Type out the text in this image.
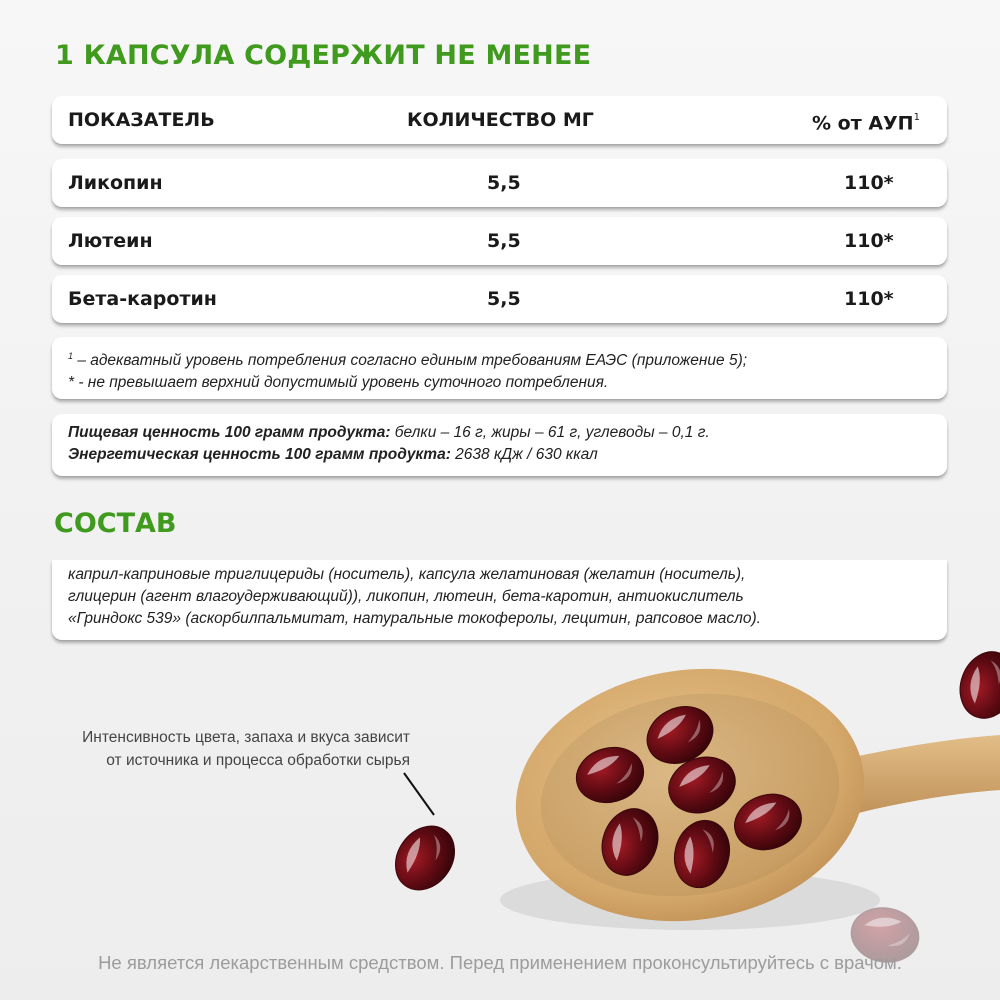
1 КАПСУЛА СОДЕРЖИТ НЕ МЕНЕЕ
ПОКАЗАТЕЛЬ	КОЛИЧЕСТВО МГ	% от АУП$^1$
Ликопин	5,5	110*
Лютеин	5,5	110*
Бета-каротин	5,5	110*
$^1$ – адекватный уровень потребления согласно единым требованиям ЕАЭС (приложение 5);
* - не превышает верхний допустимый уровень суточного потребления.
Пищевая ценность 100 грамм продукта: белки – 16 г, жиры – 61 г, углеводы – 0,1 г.
Энергетическая ценность 100 грамм продукта: 2638 кДж / 630 ккал
СОСТАВ
каприл-каприновые триглицериды (носитель), капсула желатиновая (желатин (носитель),
глицерин (агент влагоудерживающий)), ликопин, лютеин, бета-каротин, антиокислитель
«Гриндокс 539» (аскорбилпальмитат, натуральные токоферолы, лецитин, рапсовое масло).
Интенсивность цвета, запаха и вкуса зависит
от источника и процесса обработки сырья
Не является лекарственным средством. Перед применением проконсультируйтесь с врачом.
